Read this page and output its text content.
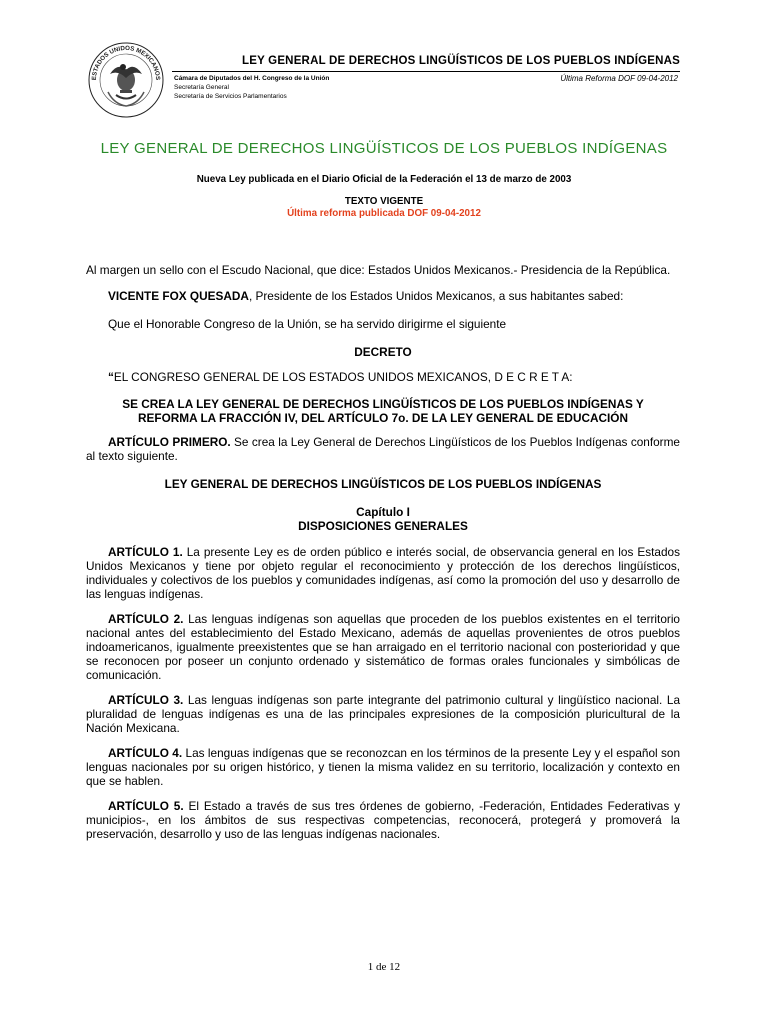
ESTADOS UNIDOS MEXICANOS
LEY GENERAL DE DERECHOS LINGÜÍSTICOS DE LOS PUEBLOS INDÍGENAS
Cámara de Diputados del H. Congreso de la Unión
Secretaría General
Secretaría de Servicios Parlamentarios
Última Reforma DOF 09-04-2012
LEY GENERAL DE DERECHOS LINGÜÍSTICOS DE LOS PUEBLOS INDÍGENAS
Nueva Ley publicada en el Diario Oficial de la Federación el 13 de marzo de 2003
TEXTO VIGENTE
Última reforma publicada DOF 09-04-2012

Al margen un sello con el Escudo Nacional, que dice: Estados Unidos Mexicanos.- Presidencia de la República.

VICENTE FOX QUESADA, Presidente de los Estados Unidos Mexicanos, a sus habitantes sabed:

Que el Honorable Congreso de la Unión, se ha servido dirigirme el siguiente

DECRETO

“EL CONGRESO GENERAL DE LOS ESTADOS UNIDOS MEXICANOS, D E C R E T A:

SE CREA LA LEY GENERAL DE DERECHOS LINGÜÍSTICOS DE LOS PUEBLOS INDÍGENAS Y
REFORMA LA FRACCIÓN IV, DEL ARTÍCULO 7o. DE LA LEY GENERAL DE EDUCACIÓN

ARTÍCULO PRIMERO. Se crea la Ley General de Derechos Lingüísticos de los Pueblos Indígenas conforme al texto siguiente.

LEY GENERAL DE DERECHOS LINGÜÍSTICOS DE LOS PUEBLOS INDÍGENAS

Capítulo I
DISPOSICIONES GENERALES

ARTÍCULO 1. La presente Ley es de orden público e interés social, de observancia general en los Estados Unidos Mexicanos y tiene por objeto regular el reconocimiento y protección de los derechos lingüísticos, individuales y colectivos de los pueblos y comunidades indígenas, así como la promoción del uso y desarrollo de las lenguas indígenas.

ARTÍCULO 2. Las lenguas indígenas son aquellas que proceden de los pueblos existentes en el territorio nacional antes del establecimiento del Estado Mexicano, además de aquellas provenientes de otros pueblos indoamericanos, igualmente preexistentes que se han arraigado en el territorio nacional con posterioridad y que se reconocen por poseer un conjunto ordenado y sistemático de formas orales funcionales y simbólicas de comunicación.

ARTÍCULO 3. Las lenguas indígenas son parte integrante del patrimonio cultural y lingüístico nacional. La pluralidad de lenguas indígenas es una de las principales expresiones de la composición pluricultural de la Nación Mexicana.

ARTÍCULO 4. Las lenguas indígenas que se reconozcan en los términos de la presente Ley y el español son lenguas nacionales por su origen histórico, y tienen la misma validez en su territorio, localización y contexto en que se hablen.

ARTÍCULO 5. El Estado a través de sus tres órdenes de gobierno, -Federación, Entidades Federativas y municipios-, en los ámbitos de sus respectivas competencias, reconocerá, protegerá y promoverá la preservación, desarrollo y uso de las lenguas indígenas nacionales.

1 de 12
